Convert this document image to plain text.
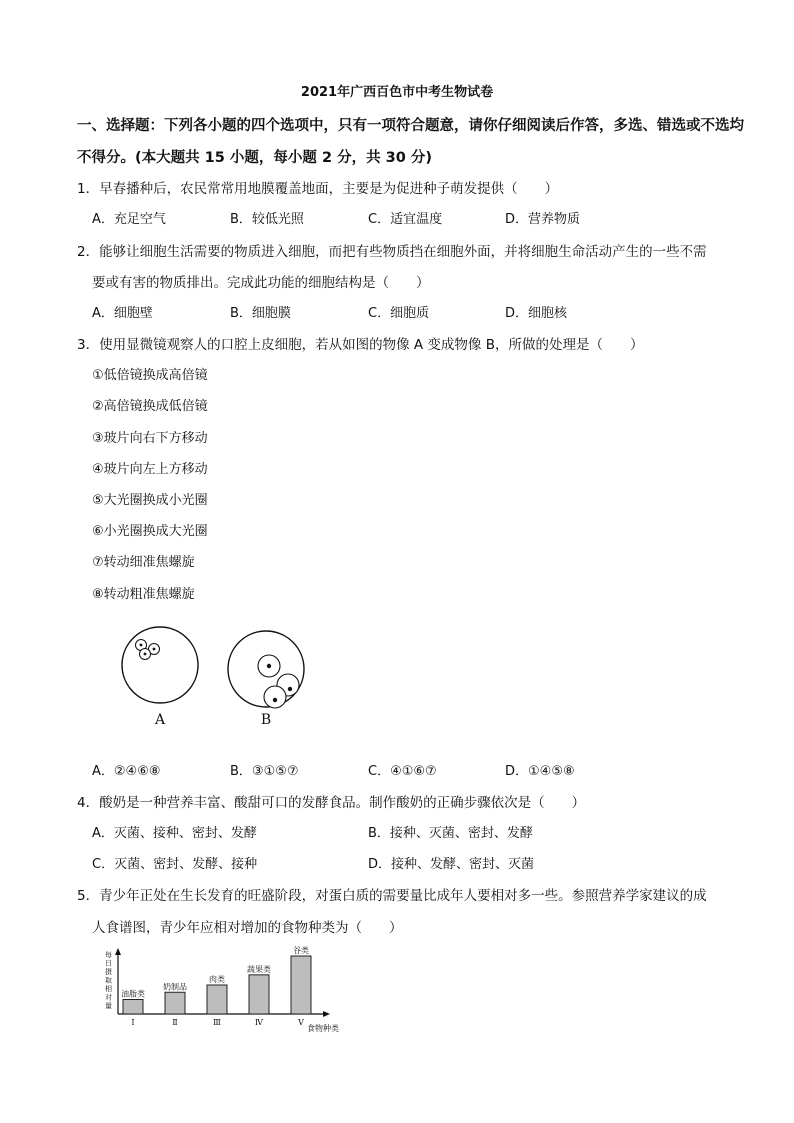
2021年广西百色市中考生物试卷
一、选择题：下列各小题的四个选项中，只有一项符合题意，请你仔细阅读后作答，多选、错选或不选均
不得分。(本大题共 15 小题，每小题 2 分，共 30 分)
1．早春播种后，农民常常用地膜覆盖地面，主要是为促进种子萌发提供（　　）
A．充足空气	B．较低光照	C．适宜温度	D．营养物质
2．能够让细胞生活需要的物质进入细胞，而把有些物质挡在细胞外面，并将细胞生命活动产生的一些不需
要或有害的物质排出。完成此功能的细胞结构是（　　）
A．细胞壁	B．细胞膜	C．细胞质	D．细胞核
3．使用显微镜观察人的口腔上皮细胞，若从如图的物像 A 变成物像 B，所做的处理是（　　）
①低倍镜换成高倍镜
②高倍镜换成低倍镜
③玻片向右下方移动
④玻片向左上方移动
⑤大光圈换成小光圈
⑥小光圈换成大光圈
⑦转动细准焦螺旋
⑧转动粗准焦螺旋
A	B
A．②④⑥⑧	B．③①⑤⑦	C．④①⑥⑦	D．①④⑤⑧
4．酸奶是一种营养丰富、酸甜可口的发酵食品。制作酸奶的正确步骤依次是（　　）
A．灭菌、接种、密封、发酵	B．接种、灭菌、密封、发酵
C．灭菌、密封、发酵、接种	D．接种、发酵、密封、灭菌
5．青少年正处在生长发育的旺盛阶段，对蛋白质的需要量比成年人要相对多一些。参照营养学家建议的成
人食谱图，青少年应相对增加的食物种类为（　　）
每日摄取相对量
油脂类
Ⅰ
奶制品
Ⅱ
肉类
Ⅲ
蔬果类
Ⅳ
谷类
Ⅴ
食物种类
